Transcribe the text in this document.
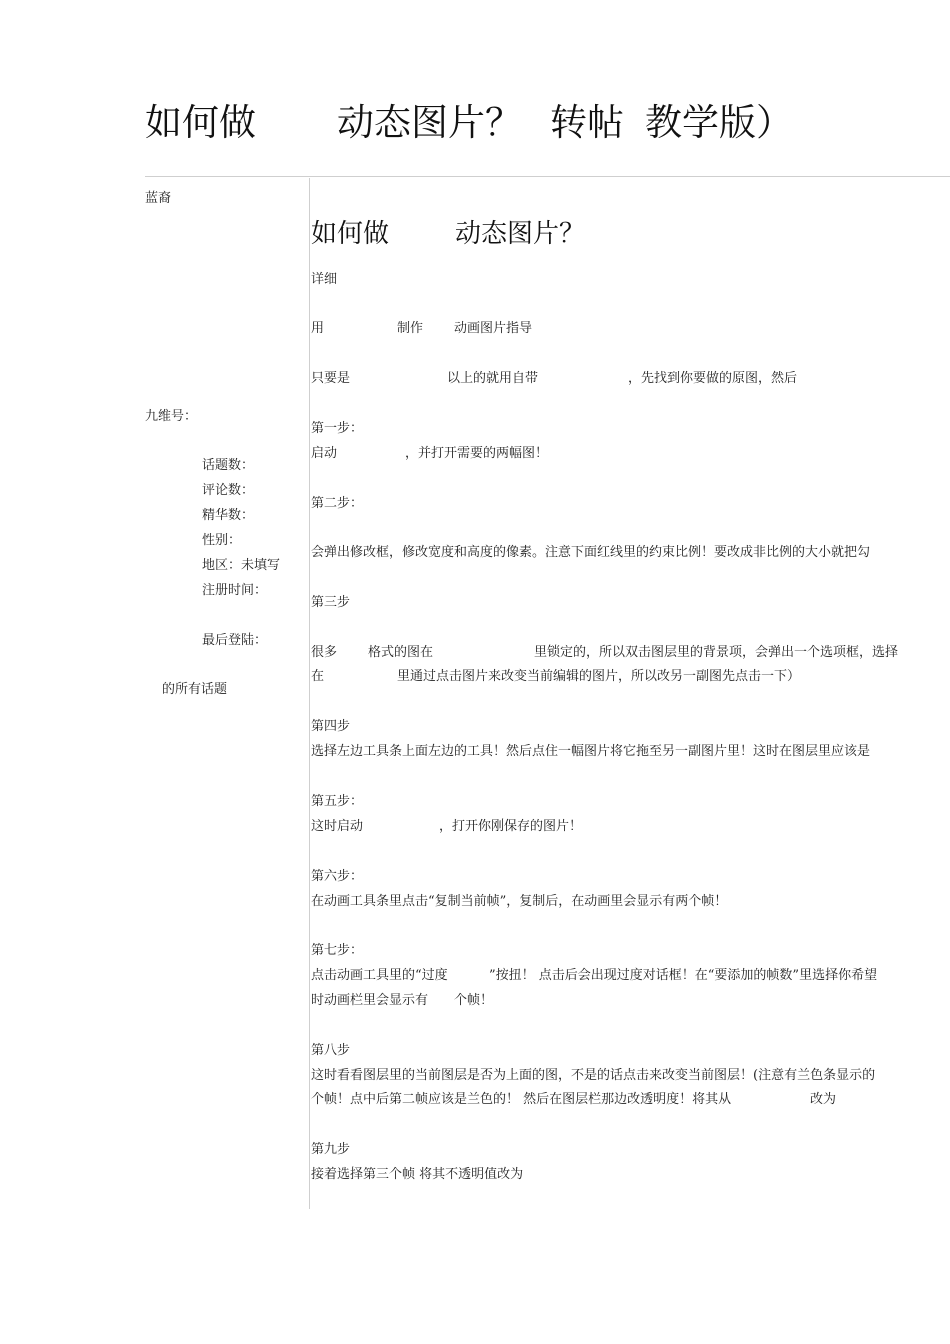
如何做 动态图片？ 转帖 教学版）
蓝裔
九维号：
话题数：
评论数：
精华数：
性别：
地区：未填写
注册时间：
最后登陆：
的所有话题
如何做	动态图片？
详细
用	制作 动画图片指导
只要是	以上的就用自带	，先找到你要做的原图，然后
第一步：
启动	，并打开需要的两幅图！
第二步：
会弹出修改框，修改宽度和高度的像素。注意下面红线里的约束比例！要改成非比例的大小就把勾
第三步
很多 格式的图在	里锁定的，所以双击图层里的背景项，会弹出一个选项框，选择
在	里通过点击图片来改变当前编辑的图片，所以改另一副图先点击一下）
第四步
选择左边工具条上面左边的工具！然后点住一幅图片将它拖至另一副图片里！这时在图层里应该是
第五步：
这时启动	，打开你刚保存的图片！
第六步：
在动画工具条里点击“复制当前帧”，复制后，在动画里会显示有两个帧！
第七步：
点击动画工具里的“过度	”按扭！ 点击后会出现过度对话框！在“要添加的帧数”里选择你希望
时动画栏里会显示有 个帧！
第八步
这时看看图层里的当前图层是否为上面的图，不是的话点击来改变当前图层！(注意有兰色条显示的
个帧！点中后第二帧应该是兰色的！ 然后在图层栏那边改透明度！将其从	改为
第九步
接着选择第三个帧 将其不透明值改为
